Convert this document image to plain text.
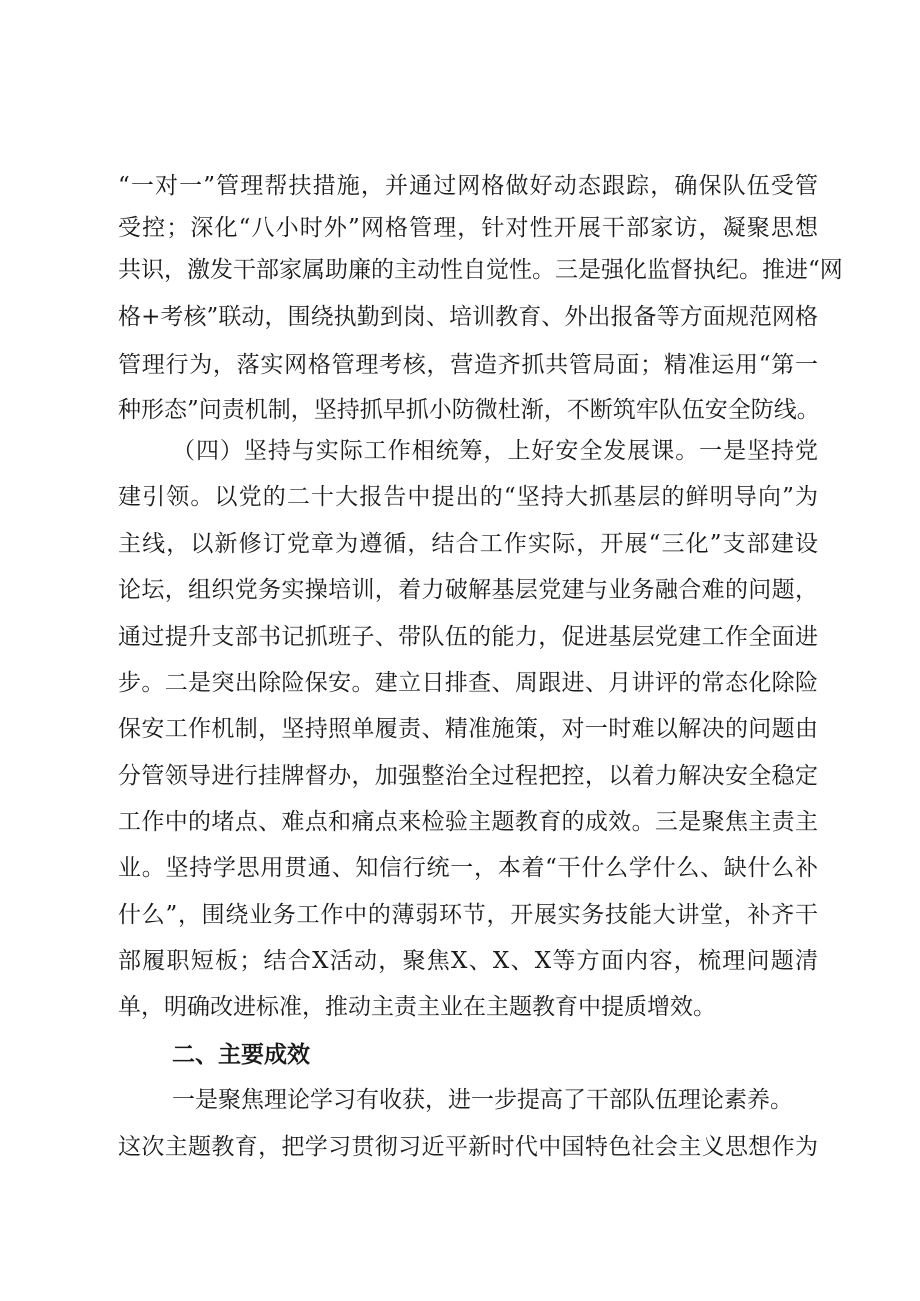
“一对一”管理帮扶措施，并通过网格做好动态跟踪，确保队伍受管
受控；深化“八小时外”网格管理，针对性开展干部家访，凝聚思想
共识，激发干部家属助廉的主动性自觉性。三是强化监督执纪。推进“网
格+考核”联动，围绕执勤到岗、培训教育、外出报备等方面规范网格
管理行为，落实网格管理考核，营造齐抓共管局面；精准运用“第一
种形态”问责机制，坚持抓早抓小防微杜渐，不断筑牢队伍安全防线。
（四）坚持与实际工作相统筹，上好安全发展课。一是坚持党
建引领。以党的二十大报告中提出的“坚持大抓基层的鲜明导向”为
主线，以新修订党章为遵循，结合工作实际，开展“三化”支部建设
论坛，组织党务实操培训，着力破解基层党建与业务融合难的问题，
通过提升支部书记抓班子、带队伍的能力，促进基层党建工作全面进
步。二是突出除险保安。建立日排查、周跟进、月讲评的常态化除险
保安工作机制，坚持照单履责、精准施策，对一时难以解决的问题由
分管领导进行挂牌督办，加强整治全过程把控，以着力解决安全稳定
工作中的堵点、难点和痛点来检验主题教育的成效。三是聚焦主责主
业。坚持学思用贯通、知信行统一，本着“干什么学什么、缺什么补
什么”，围绕业务工作中的薄弱环节，开展实务技能大讲堂，补齐干
部履职短板；结合X活动，聚焦X、X、X等方面内容，梳理问题清
单，明确改进标准，推动主责主业在主题教育中提质增效。
二、主要成效
一是聚焦理论学习有收获，进一步提高了干部队伍理论素养。
这次主题教育，把学习贯彻习近平新时代中国特色社会主义思想作为
